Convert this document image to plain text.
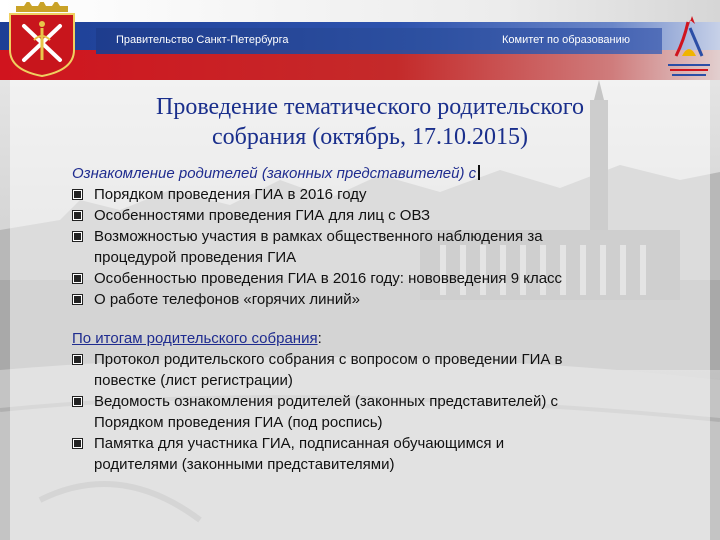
Правительство Санкт-Петербурга	Комитет по образованию
Проведение тематического родительского
собрания (октябрь, 17.10.2015)

Ознакомление родителей (законных представителей) с

Порядком проведения ГИА в 2016 году
Особенностями проведения ГИА для лиц с ОВЗ
Возможностью участия в рамках общественного наблюдения за
процедурой проведения ГИА
Особенностью проведения ГИА в 2016 году: нововведения 9 класс
О работе телефонов «горячих линий»

По итогам родительского собрания:

Протокол родительского собрания с вопросом о проведении ГИА в
повестке (лист регистрации)
Ведомость ознакомления родителей (законных представителей) с
Порядком проведения ГИА (под роспись)
Памятка для участника ГИА, подписанная обучающимся и
родителями (законными представителями)
